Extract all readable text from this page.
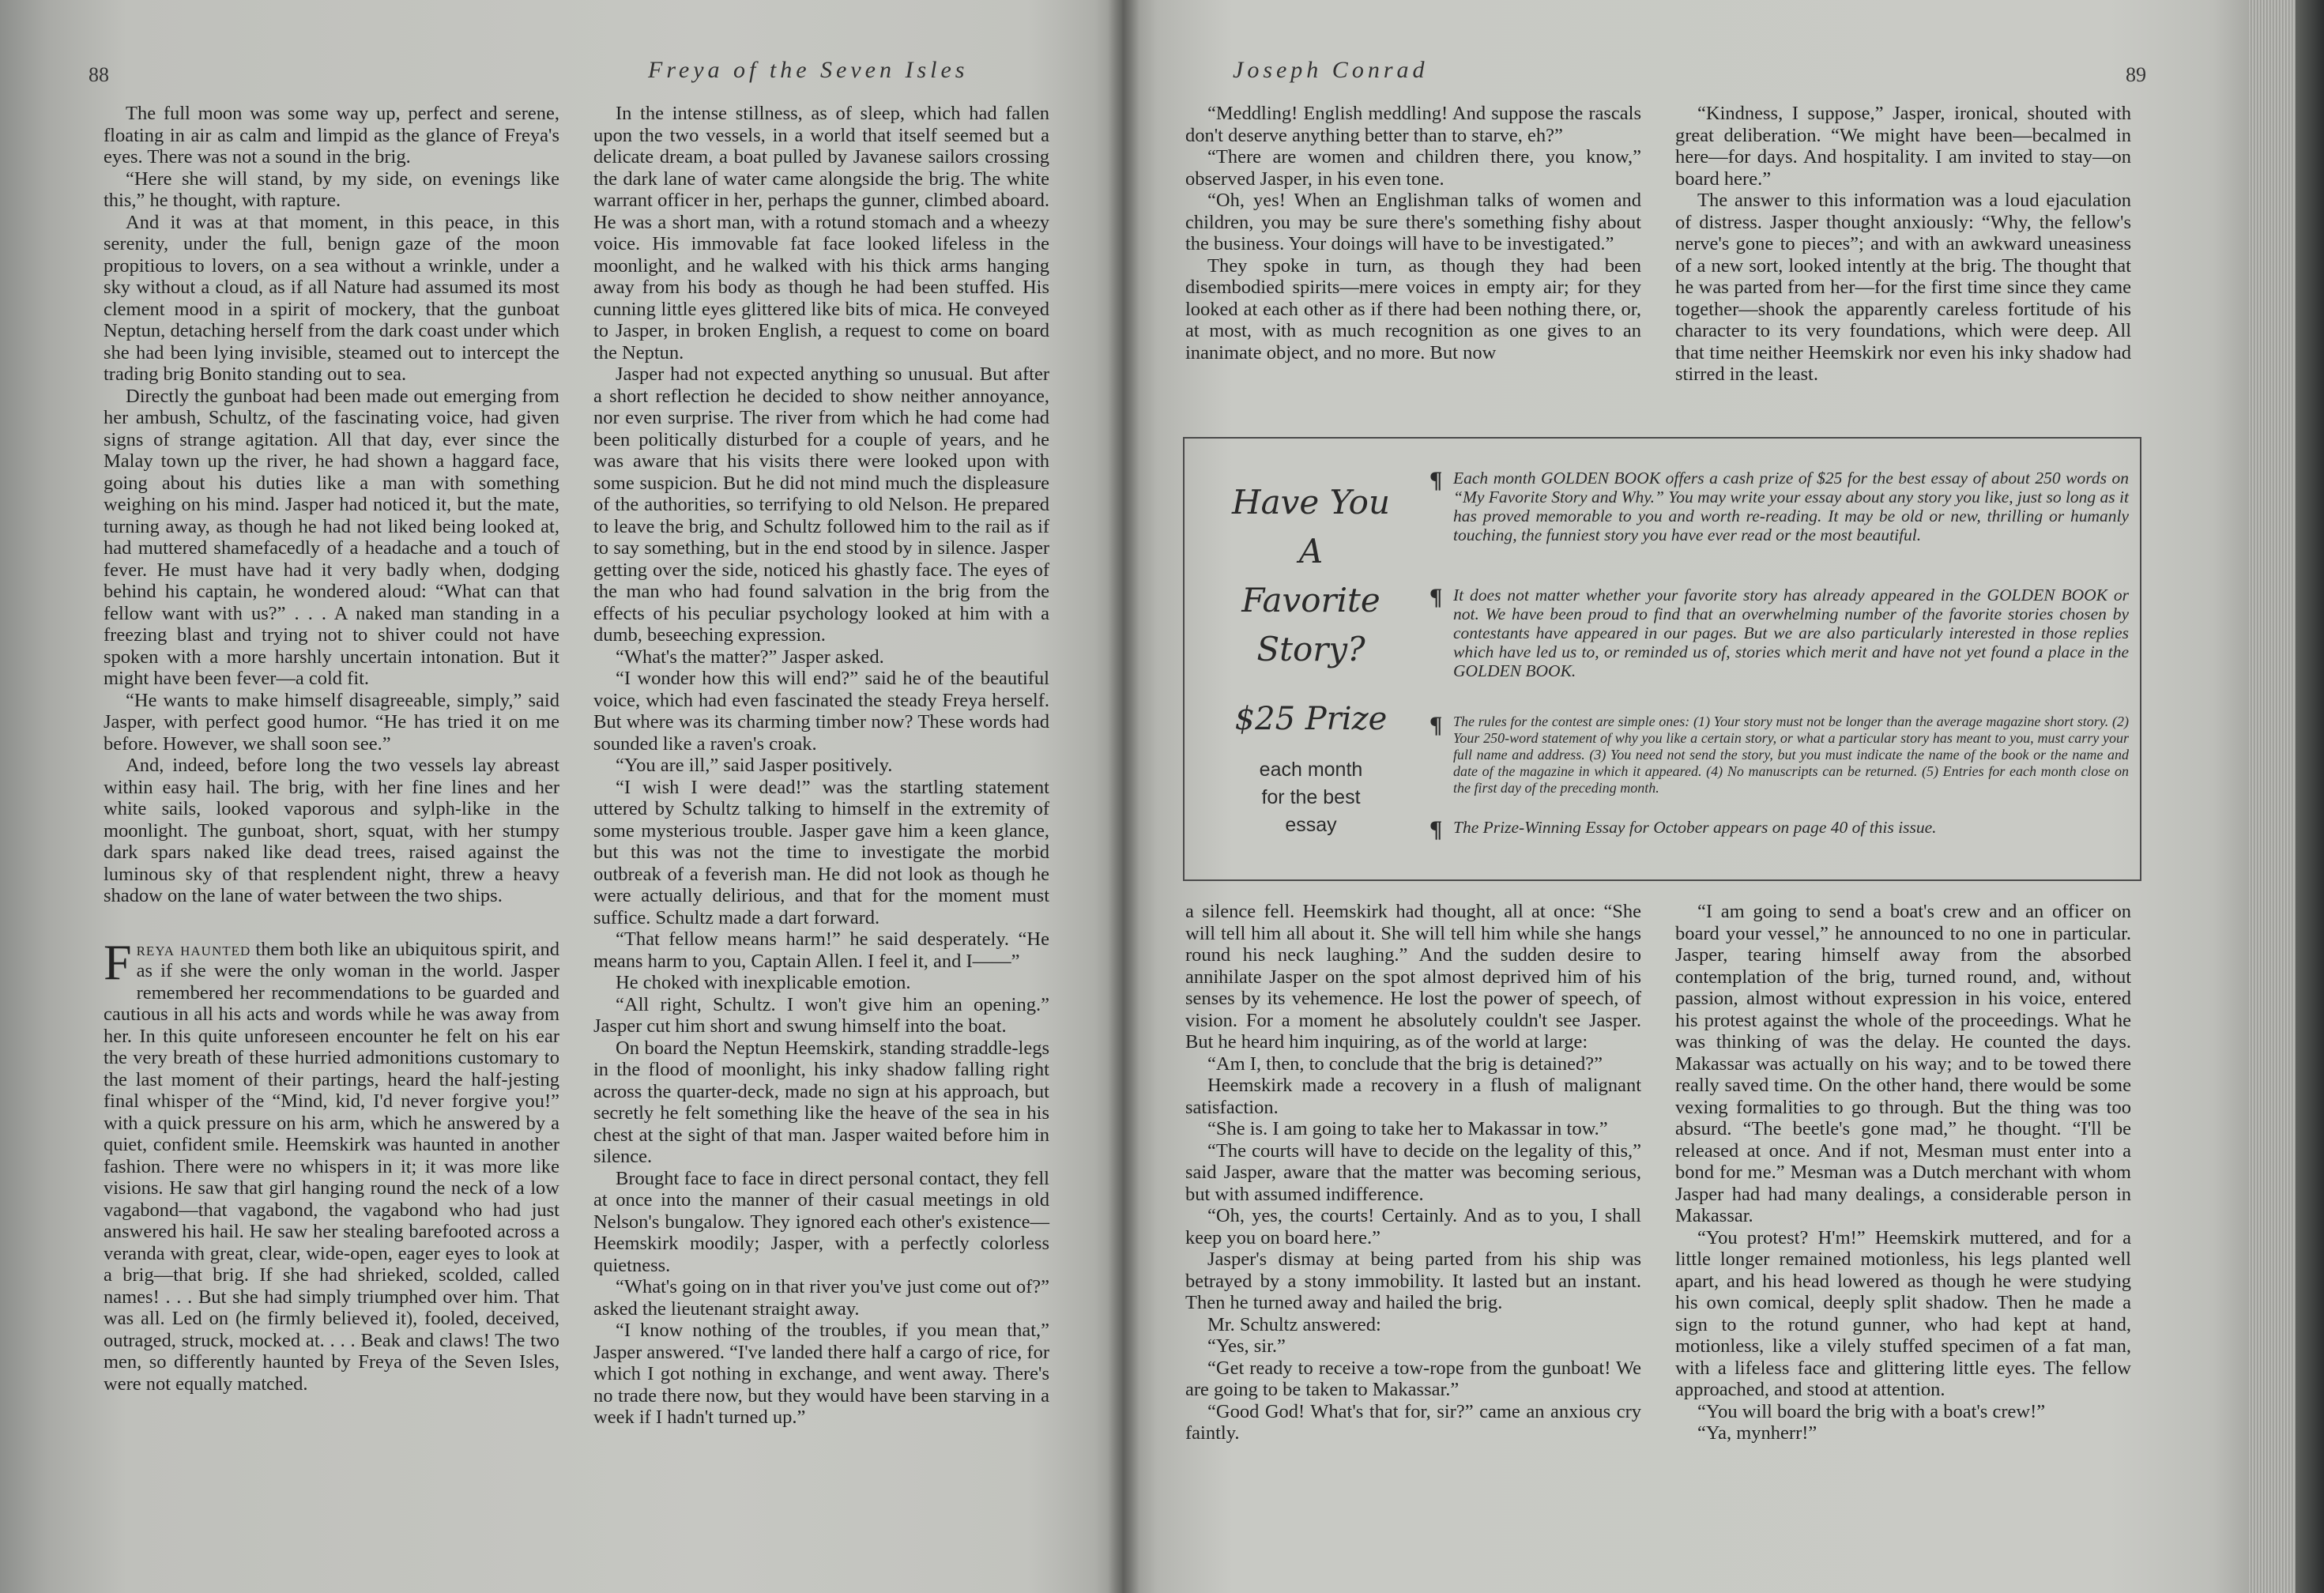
88	Freya of the Seven Isles

The full moon was some way up, perfect and serene, floating in air as calm and limpid as the glance of Freya's eyes. There was not a sound in the brig.

“Here she will stand, by my side, on evenings like this,” he thought, with rapture.

And it was at that moment, in this peace, in this serenity, under the full, benign gaze of the moon propitious to lovers, on a sea without a wrinkle, under a sky without a cloud, as if all Nature had assumed its most clement mood in a spirit of mockery, that the gunboat Neptun, detaching herself from the dark coast under which she had been lying invisible, steamed out to intercept the trading brig Bonito standing out to sea.

Directly the gunboat had been made out emerging from her ambush, Schultz, of the fascinating voice, had given signs of strange agitation. All that day, ever since the Malay town up the river, he had shown a haggard face, going about his duties like a man with something weighing on his mind. Jasper had noticed it, but the mate, turning away, as though he had not liked being looked at, had muttered shamefacedly of a headache and a touch of fever. He must have had it very badly when, dodging behind his captain, he wondered aloud: “What can that fellow want with us?” . . . A naked man standing in a freezing blast and trying not to shiver could not have spoken with a more harshly uncertain intonation. But it might have been fever—a cold fit.

“He wants to make himself disagreeable, simply,” said Jasper, with perfect good humor. “He has tried it on me before. However, we shall soon see.”

And, indeed, before long the two vessels lay abreast within easy hail. The brig, with her fine lines and her white sails, looked vaporous and sylph-like in the moonlight. The gunboat, short, squat, with her stumpy dark spars naked like dead trees, raised against the luminous sky of that resplendent night, threw a heavy shadow on the lane of water between the two ships.

Freya haunted them both like an ubiquitous spirit, and as if she were the only woman in the world. Jasper remembered her recommendations to be guarded and cautious in all his acts and words while he was away from her. In this quite unforeseen encounter he felt on his ear the very breath of these hurried admonitions customary to the last moment of their partings, heard the half-jesting final whisper of the “Mind, kid, I'd never forgive you!” with a quick pressure on his arm, which he answered by a quiet, confident smile. Heemskirk was haunted in another fashion. There were no whispers in it; it was more like visions. He saw that girl hanging round the neck of a low vagabond—that vagabond, the vagabond who had just answered his hail. He saw her stealing barefooted across a veranda with great, clear, wide-open, eager eyes to look at a brig—that brig. If she had shrieked, scolded, called names! . . . But she had simply triumphed over him. That was all. Led on (he firmly believed it), fooled, deceived, outraged, struck, mocked at. . . . Beak and claws! The two men, so differently haunted by Freya of the Seven Isles, were not equally matched.

In the intense stillness, as of sleep, which had fallen upon the two vessels, in a world that itself seemed but a delicate dream, a boat pulled by Javanese sailors crossing the dark lane of water came alongside the brig. The white warrant officer in her, perhaps the gunner, climbed aboard. He was a short man, with a rotund stomach and a wheezy voice. His immovable fat face looked lifeless in the moonlight, and he walked with his thick arms hanging away from his body as though he had been stuffed. His cunning little eyes glittered like bits of mica. He conveyed to Jasper, in broken English, a request to come on board the Neptun.

Jasper had not expected anything so unusual. But after a short reflection he decided to show neither annoyance, nor even surprise. The river from which he had come had been politically disturbed for a couple of years, and he was aware that his visits there were looked upon with some suspicion. But he did not mind much the displeasure of the authorities, so terrifying to old Nelson. He prepared to leave the brig, and Schultz followed him to the rail as if to say something, but in the end stood by in silence. Jasper getting over the side, noticed his ghastly face. The eyes of the man who had found salvation in the brig from the effects of his peculiar psychology looked at him with a dumb, beseeching expression.

“What's the matter?” Jasper asked.

“I wonder how this will end?” said he of the beautiful voice, which had even fascinated the steady Freya herself. But where was its charming timber now? These words had sounded like a raven's croak.

“You are ill,” said Jasper positively.

“I wish I were dead!” was the startling statement uttered by Schultz talking to himself in the extremity of some mysterious trouble. Jasper gave him a keen glance, but this was not the time to investigate the morbid outbreak of a feverish man. He did not look as though he were actually delirious, and that for the moment must suffice. Schultz made a dart forward.

“That fellow means harm!” he said desperately. “He means harm to you, Captain Allen. I feel it, and I——”

He choked with inexplicable emotion.

“All right, Schultz. I won't give him an opening.” Jasper cut him short and swung himself into the boat.

On board the Neptun Heemskirk, standing straddle-legs in the flood of moonlight, his inky shadow falling right across the quarter-deck, made no sign at his approach, but secretly he felt something like the heave of the sea in his chest at the sight of that man. Jasper waited before him in silence.

Brought face to face in direct personal contact, they fell at once into the manner of their casual meetings in old Nelson's bungalow. They ignored each other's existence—Heemskirk moodily; Jasper, with a perfectly colorless quietness.

“What's going on in that river you've just come out of?” asked the lieutenant straight away.

“I know nothing of the troubles, if you mean that,” Jasper answered. “I've landed there half a cargo of rice, for which I got nothing in exchange, and went away. There's no trade there now, but they would have been starving in a week if I hadn't turned up.”

Joseph Conrad	89

“Meddling! English meddling! And suppose the rascals don't deserve anything better than to starve, eh?”

“There are women and children there, you know,” observed Jasper, in his even tone.

“Oh, yes! When an Englishman talks of women and children, you may be sure there's something fishy about the business. Your doings will have to be investigated.”

They spoke in turn, as though they had been disembodied spirits—mere voices in empty air; for they looked at each other as if there had been nothing there, or, at most, with as much recognition as one gives to an inanimate object, and no more. But now

“Kindness, I suppose,” Jasper, ironical, shouted with great deliberation. “We might have been—becalmed in here—for days. And hospitality. I am invited to stay—on board here.”

The answer to this information was a loud ejaculation of distress. Jasper thought anxiously: “Why, the fellow's nerve's gone to pieces”; and with an awkward uneasiness of a new sort, looked intently at the brig. The thought that he was parted from her—for the first time since they came together—shook the apparently careless fortitude of his character to its very foundations, which were deep. All that time neither Heemskirk nor even his inky shadow had stirred in the least.

a silence fell. Heemskirk had thought, all at once: “She will tell him all about it. She will tell him while she hangs round his neck laughing.” And the sudden desire to annihilate Jasper on the spot almost deprived him of his senses by its vehemence. He lost the power of speech, of vision. For a moment he absolutely couldn't see Jasper. But he heard him inquiring, as of the world at large:

“Am I, then, to conclude that the brig is detained?”

Heemskirk made a recovery in a flush of malignant satisfaction.

“She is. I am going to take her to Makassar in tow.”

“The courts will have to decide on the legality of this,” said Jasper, aware that the matter was becoming serious, but with assumed indifference.

“Oh, yes, the courts! Certainly. And as to you, I shall keep you on board here.”

Jasper's dismay at being parted from his ship was betrayed by a stony immobility. It lasted but an instant. Then he turned away and hailed the brig.

Mr. Schultz answered:

“Yes, sir.”

“Get ready to receive a tow-rope from the gunboat! We are going to be taken to Makassar.”

“Good God! What's that for, sir?” came an anxious cry faintly.

“I am going to send a boat's crew and an officer on board your vessel,” he announced to no one in particular. Jasper, tearing himself away from the absorbed contemplation of the brig, turned round, and, without passion, almost without expression in his voice, entered his protest against the whole of the proceedings. What he was thinking of was the delay. He counted the days. Makassar was actually on his way; and to be towed there really saved time. On the other hand, there would be some vexing formalities to go through. But the thing was too absurd. “The beetle's gone mad,” he thought. “I'll be released at once. And if not, Mesman must enter into a bond for me.” Mesman was a Dutch merchant with whom Jasper had had many dealings, a considerable person in Makassar.

“You protest? H'm!” Heemskirk muttered, and for a little longer remained motionless, his legs planted well apart, and his head lowered as though he were studying his own comical, deeply split shadow. Then he made a sign to the rotund gunner, who had kept at hand, motionless, like a vilely stuffed specimen of a fat man, with a lifeless face and glittering little eyes. The fellow approached, and stood at attention.

“You will board the brig with a boat's crew!”

“Ya, mynherr!”

Have You
A
Favorite
Story?
$25 Prize
each month
for the best
essay
¶ Each month GOLDEN BOOK offers a cash prize of $25 for the best essay of about 250 words on “My Favorite Story and Why.” You may write your essay about any story you like, just so long as it has proved memorable to you and worth re-reading. It may be old or new, thrilling or humanly touching, the funniest story you have ever read or the most beautiful.
¶ It does not matter whether your favorite story has already appeared in the GOLDEN BOOK or not. We have been proud to find that an overwhelming number of the favorite stories chosen by contestants have appeared in our pages. But we are also particularly interested in those replies which have led us to, or reminded us of, stories which merit and have not yet found a place in the GOLDEN BOOK.
¶ The rules for the contest are simple ones: (1) Your story must not be longer than the average magazine short story. (2) Your 250-word statement of why you like a certain story, or what a particular story has meant to you, must carry your full name and address. (3) You need not send the story, but you must indicate the name of the book or the name and date of the magazine in which it appeared. (4) No manuscripts can be returned. (5) Entries for each month close on the first day of the preceding month.
¶ The Prize-Winning Essay for October appears on page 40 of this issue.
